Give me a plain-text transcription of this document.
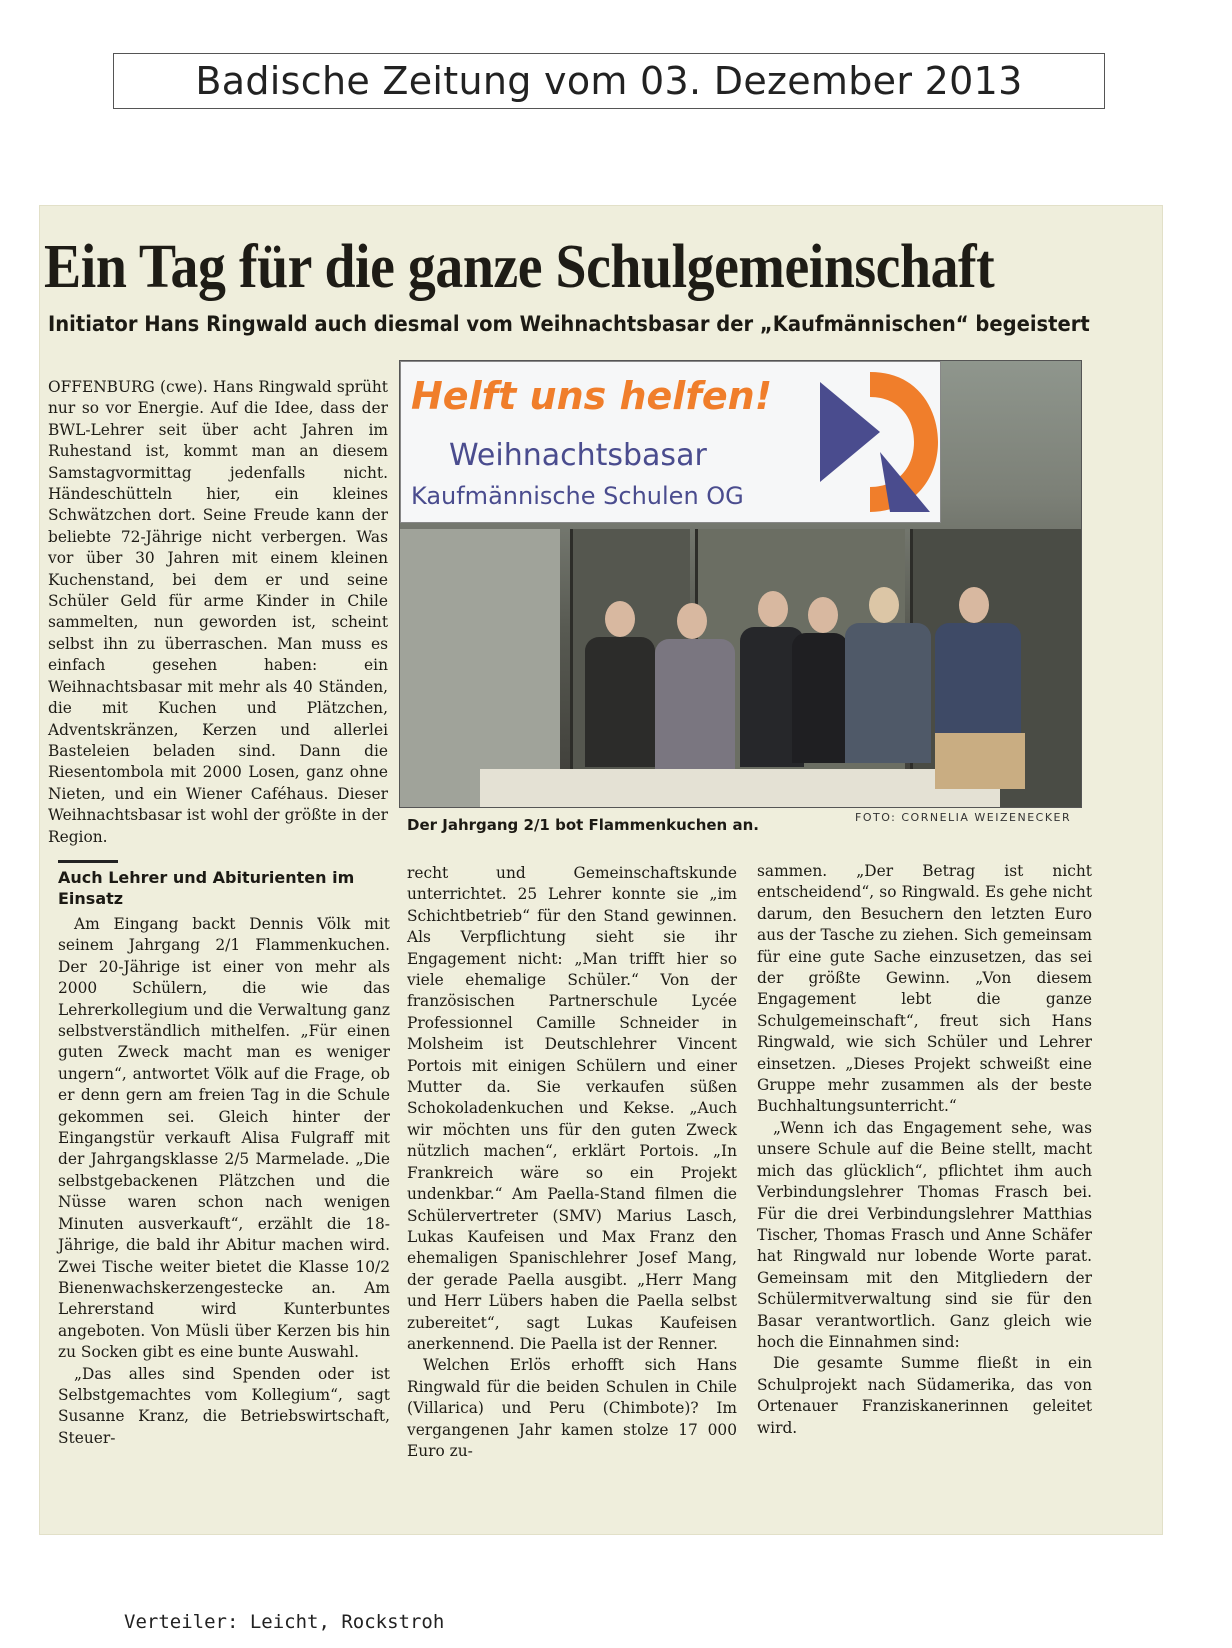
Badische Zeitung vom 03. Dezember 2013
Ein Tag für die ganze Schulgemeinschaft
Initiator Hans Ringwald auch diesmal vom Weihnachtsbasar der „Kaufmännischen“ begeistert

OFFENBURG (cwe). Hans Ringwald sprüht nur so vor Energie. Auf die Idee, dass der BWL-Lehrer seit über acht Jahren im Ruhestand ist, kommt man an diesem Samstagvormittag jedenfalls nicht. Händeschütteln hier, ein kleines Schwätzchen dort. Seine Freude kann der beliebte 72-Jährige nicht verbergen. Was vor über 30 Jahren mit einem kleinen Kuchenstand, bei dem er und seine Schüler Geld für arme Kinder in Chile sammelten, nun geworden ist, scheint selbst ihn zu überraschen. Man muss es einfach gesehen haben: ein Weihnachtsbasar mit mehr als 40 Ständen, die mit Kuchen und Plätzchen, Adventskränzen, Kerzen und allerlei Basteleien beladen sind. Dann die Riesentombola mit 2000 Losen, ganz ohne Nieten, und ein Wiener Caféhaus. Dieser Weihnachtsbasar ist wohl der größte in der Region.

Auch Lehrer und Abiturienten im Einsatz

Am Eingang backt Dennis Völk mit seinem Jahrgang 2/1 Flammenkuchen. Der 20-Jährige ist einer von mehr als 2000 Schülern, die wie das Lehrerkollegium und die Verwaltung ganz selbstverständlich mithelfen. „Für einen guten Zweck macht man es weniger ungern“, antwortet Völk auf die Frage, ob er denn gern am freien Tag in die Schule gekommen sei. Gleich hinter der Eingangstür verkauft Alisa Fulgraff mit der Jahrgangsklasse 2/5 Marmelade. „Die selbstgebackenen Plätzchen und die Nüsse waren schon nach wenigen Minuten ausverkauft“, erzählt die 18-Jährige, die bald ihr Abitur machen wird. Zwei Tische weiter bietet die Klasse 10/2 Bienenwachskerzengestecke an. Am Lehrerstand wird Kunterbuntes angeboten. Von Müsli über Kerzen bis hin zu Socken gibt es eine bunte Auswahl.

„Das alles sind Spenden oder ist Selbstgemachtes vom Kollegium“, sagt Susanne Kranz, die Betriebswirtschaft, Steuer-

recht und Gemeinschaftskunde unterrichtet. 25 Lehrer konnte sie „im Schichtbetrieb“ für den Stand gewinnen. Als Verpflichtung sieht sie ihr Engagement nicht: „Man trifft hier so viele ehemalige Schüler.“ Von der französischen Partnerschule Lycée Professionnel Camille Schneider in Molsheim ist Deutschlehrer Vincent Portois mit einigen Schülern und einer Mutter da. Sie verkaufen süßen Schokoladenkuchen und Kekse. „Auch wir möchten uns für den guten Zweck nützlich machen“, erklärt Portois. „In Frankreich wäre so ein Projekt undenkbar.“ Am Paella-Stand filmen die Schülervertreter (SMV) Marius Lasch, Lukas Kaufeisen und Max Franz den ehemaligen Spanischlehrer Josef Mang, der gerade Paella ausgibt. „Herr Mang und Herr Lübers haben die Paella selbst zubereitet“, sagt Lukas Kaufeisen anerkennend. Die Paella ist der Renner.

Welchen Erlös erhofft sich Hans Ringwald für die beiden Schulen in Chile (Villarica) und Peru (Chimbote)? Im vergangenen Jahr kamen stolze 17 000 Euro zu-

sammen. „Der Betrag ist nicht entscheidend“, so Ringwald. Es gehe nicht darum, den Besuchern den letzten Euro aus der Tasche zu ziehen. Sich gemeinsam für eine gute Sache einzusetzen, das sei der größte Gewinn. „Von diesem Engagement lebt die ganze Schulgemeinschaft“, freut sich Hans Ringwald, wie sich Schüler und Lehrer einsetzen. „Dieses Projekt schweißt eine Gruppe mehr zusammen als der beste Buchhaltungsunterricht.“

„Wenn ich das Engagement sehe, was unsere Schule auf die Beine stellt, macht mich das glücklich“, pflichtet ihm auch Verbindungslehrer Thomas Frasch bei. Für die drei Verbindungslehrer Matthias Tischer, Thomas Frasch und Anne Schäfer hat Ringwald nur lobende Worte parat. Gemeinsam mit den Mitgliedern der Schülermitverwaltung sind sie für den Basar verantwortlich. Ganz gleich wie hoch die Einnahmen sind:

Die gesamte Summe fließt in ein Schulprojekt nach Südamerika, das von Ortenauer Franziskanerinnen geleitet wird.

Helft uns helfen!
Weihnachtsbasar
Kaufmännische Schulen OG
Der Jahrgang 2/1 bot Flammenkuchen an.	FOTO: CORNELIA WEIZENECKER
Verteiler: Leicht, Rockstroh
